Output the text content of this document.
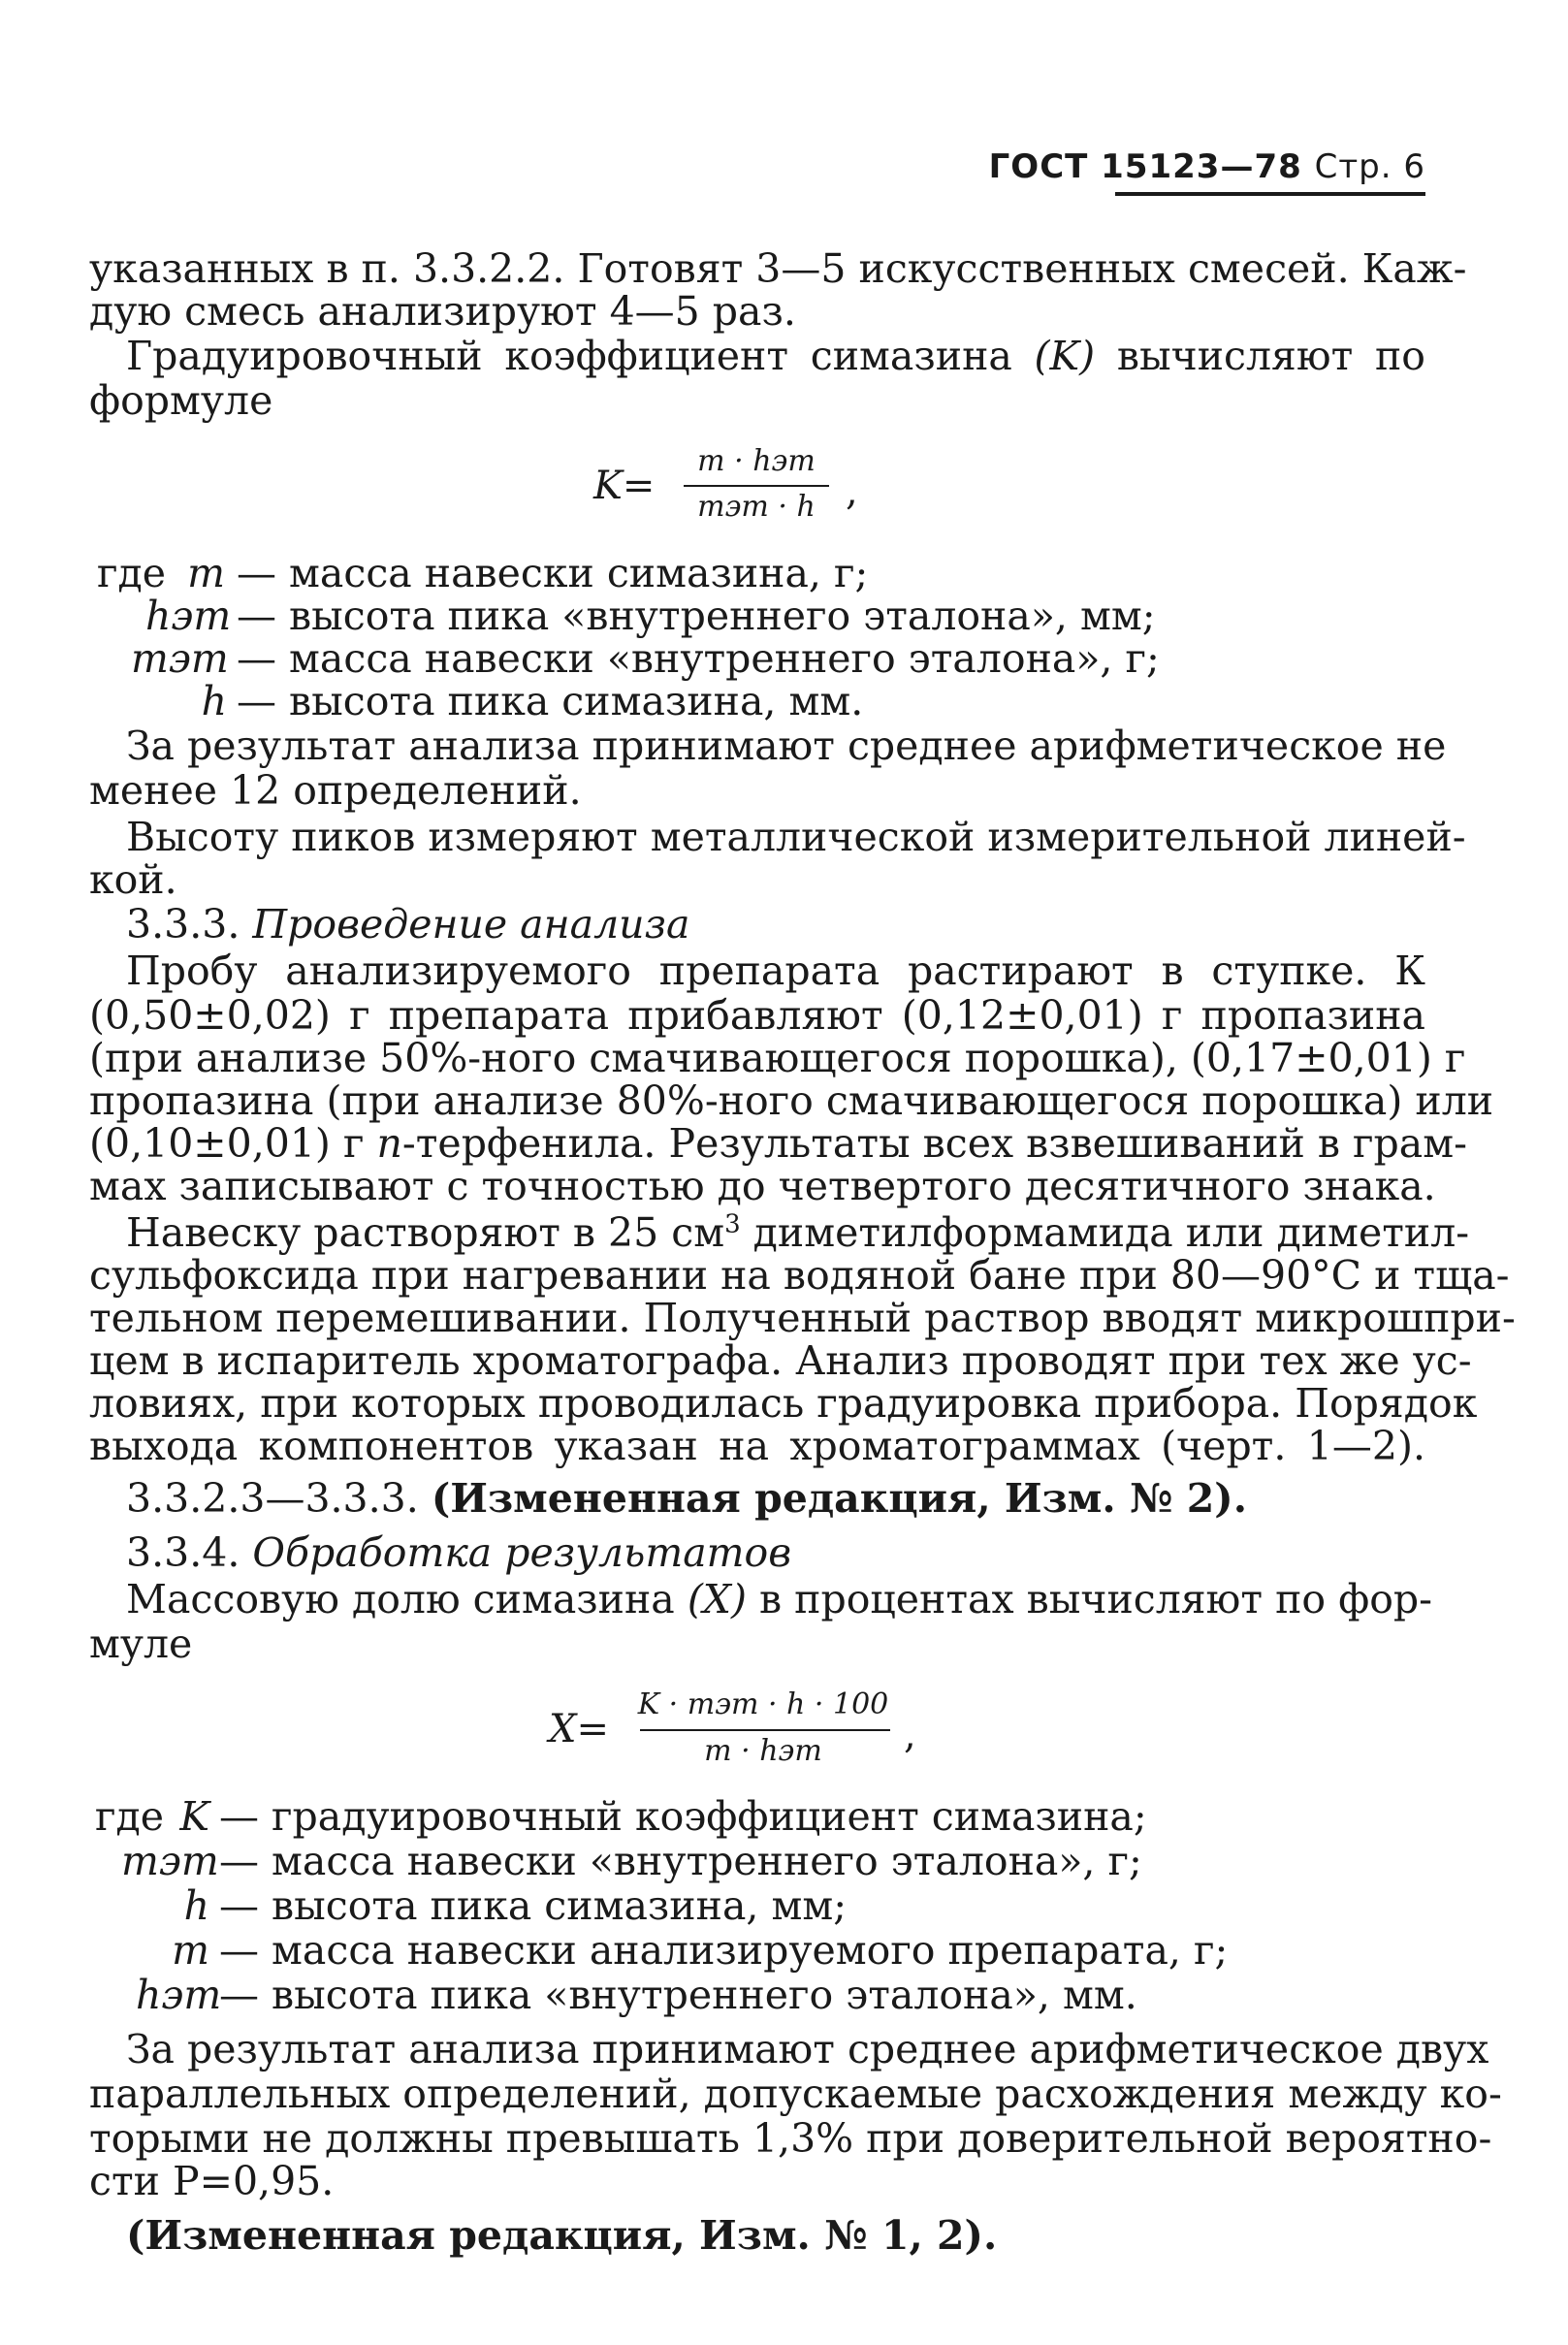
ГОСТ 15123—78 Стр. 6
указанных в п. 3.3.2.2. Готовят 3—5 искусственных смесей. Каж-
дую смесь анализируют 4—5 раз.
Градуировочный коэффициент симазина (K) вычисляют по
формуле
K=
m · hэт
mэт · h ,
где m — масса навески симазина, г;
hэт — высота пика «внутреннего эталона», мм;
mэт — масса навески «внутреннего эталона», г;
h — высота пика симазина, мм.
За результат анализа принимают среднее арифметическое не
менее 12 определений.
Высоту пиков измеряют металлической измерительной линей-
кой.
3.3.3. Проведение анализа
Пробу анализируемого препарата растирают в ступке. К
(0,50±0,02) г препарата прибавляют (0,12±0,01) г пропазина
(при анализе 50%-ного смачивающегося порошка), (0,17±0,01) г
пропазина (при анализе 80%-ного смачивающегося порошка) или
(0,10±0,01) г n-терфенила. Результаты всех взвешиваний в грам-
мах записывают с точностью до четвертого десятичного знака.
Навеску растворяют в 25 $см^3$ диметилформамида или диметил-
сульфоксида при нагревании на водяной бане при 80—90°С и тща-
тельном перемешивании. Полученный раствор вводят микрошпри-
цем в испаритель хроматографа. Анализ проводят при тех же ус-
ловиях, при которых проводилась градуировка прибора. Порядок
выхода компонентов указан на хроматограммах (черт. 1—2).
3.3.2.3—3.3.3. (Измененная редакция, Изм. № 2).
3.3.4. Обработка результатов
Массовую долю симазина (X) в процентах вычисляют по фор-
муле
X=
K · mэт · h · 100
m · hэт	,
где K — градуировочный коэффициент симазина;
mэт — масса навески «внутреннего эталона», г;
h — высота пика симазина, мм;
m — масса навески анализируемого препарата, г;
hэт
— высота пика «внутреннего эталона», мм.
За результат анализа принимают среднее арифметическое двух
параллельных определений, допускаемые расхождения между ко-
торыми не должны превышать 1,3% при доверительной вероятно-
сти P=0,95.
(Измененная редакция, Изм. № 1, 2).
